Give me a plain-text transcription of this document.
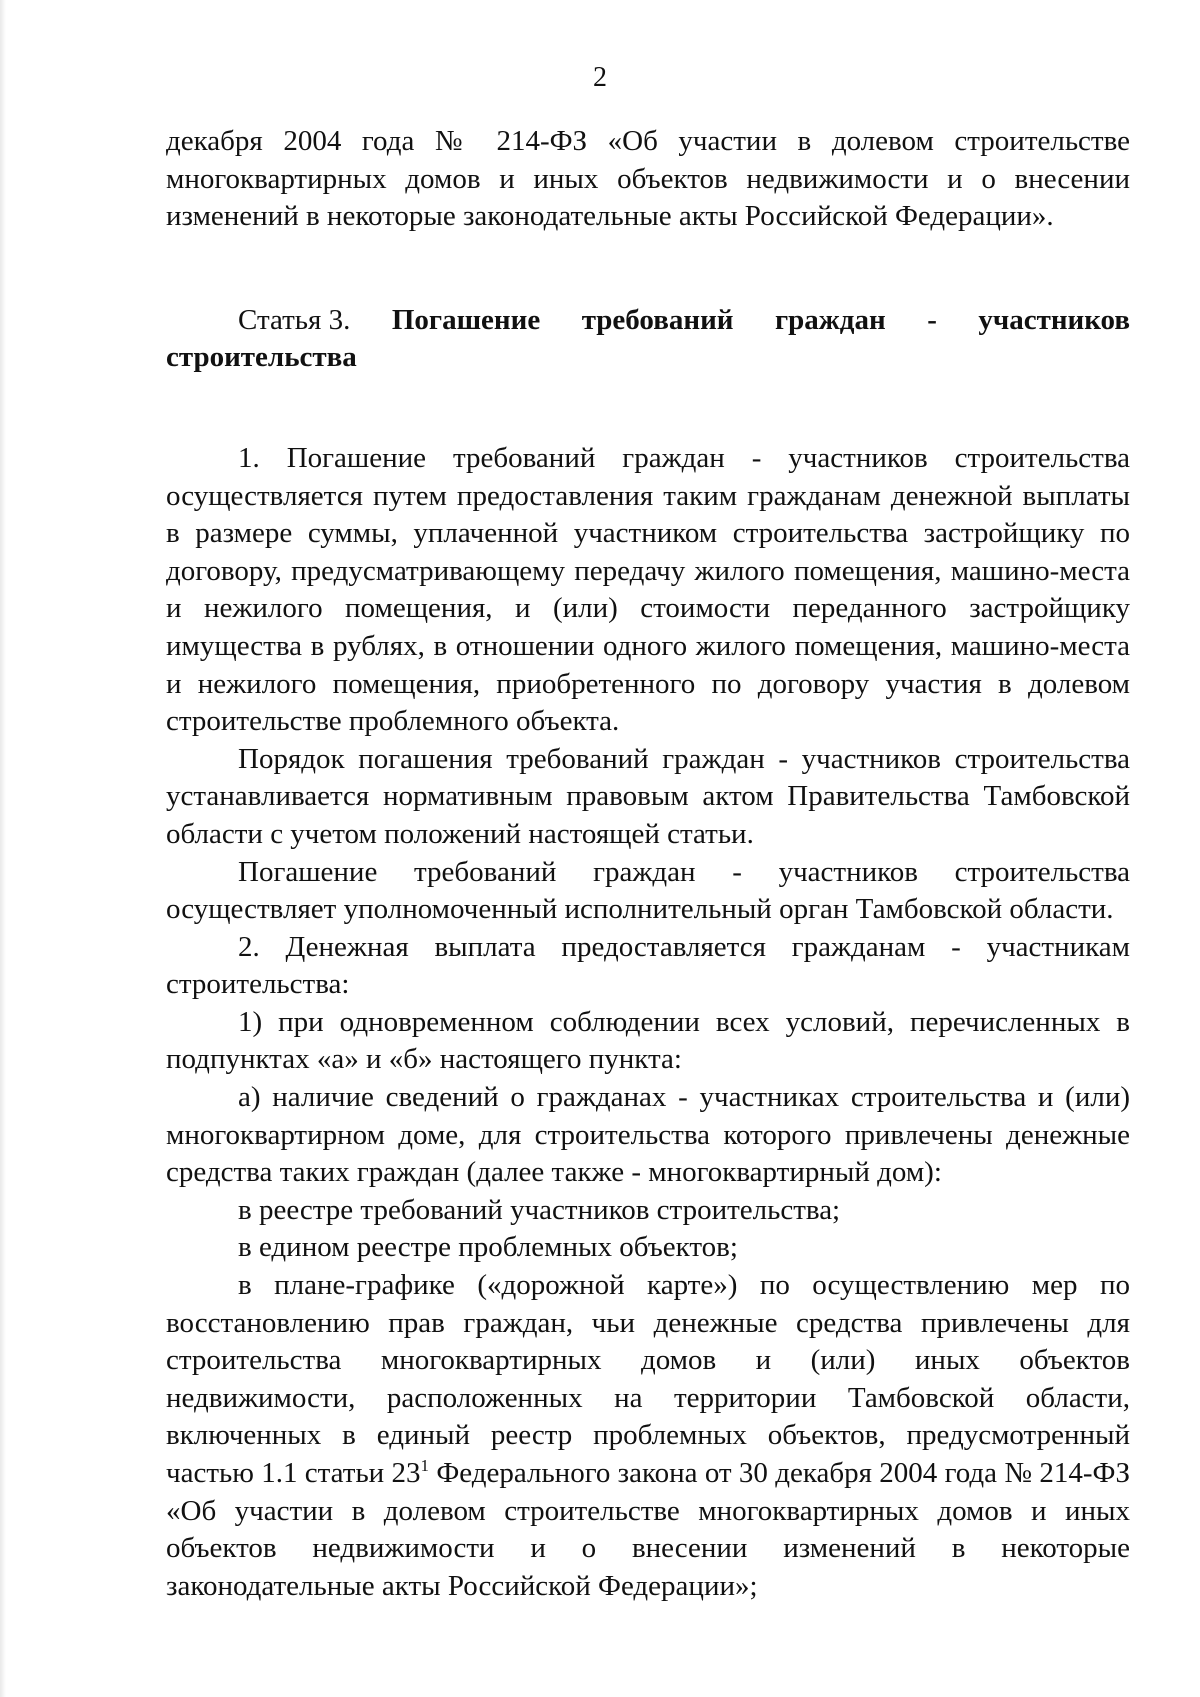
2

декабря 2004 года № 214-ФЗ «Об участии в долевом строительстве многоквартирных домов и иных объектов недвижимости и о внесении изменений в некоторые законодательные акты Российской Федерации».

Статья 3. Погашение требований граждан - участников
строительства

1. Погашение требований граждан - участников строительства осуществляется путем предоставления таким гражданам денежной выплаты в размере суммы, уплаченной участником строительства застройщику по договору, предусматривающему передачу жилого помещения, машино-места и нежилого помещения, и (или) стоимости переданного застройщику имущества в рублях, в отношении одного жилого помещения, машино-места и нежилого помещения, приобретенного по договору участия в долевом строительстве проблемного объекта.

Порядок погашения требований граждан - участников строительства устанавливается нормативным правовым актом Правительства Тамбовской области с учетом положений настоящей статьи.

Погашение требований граждан - участников строительства осуществляет уполномоченный исполнительный орган Тамбовской области.

2. Денежная выплата предоставляется гражданам - участникам строительства:

1) при одновременном соблюдении всех условий, перечисленных в подпунктах «а» и «б» настоящего пункта:

а) наличие сведений о гражданах - участниках строительства и (или) многоквартирном доме, для строительства которого привлечены денежные средства таких граждан (далее также - многоквартирный дом):

в реестре требований участников строительства;

в едином реестре проблемных объектов;

в плане-графике («дорожной карте») по осуществлению мер по восстановлению прав граждан, чьи денежные средства привлечены для строительства многоквартирных домов и (или) иных объектов недвижимости, расположенных на территории Тамбовской области, включенных в единый реестр проблемных объектов, предусмотренный частью 1.1 статьи $23^1$ Федерального закона от 30 декабря 2004 года № 214-ФЗ «Об участии в долевом строительстве многоквартирных домов и иных объектов недвижимости и о внесении изменений в некоторые законодательные акты Российской Федерации»;
